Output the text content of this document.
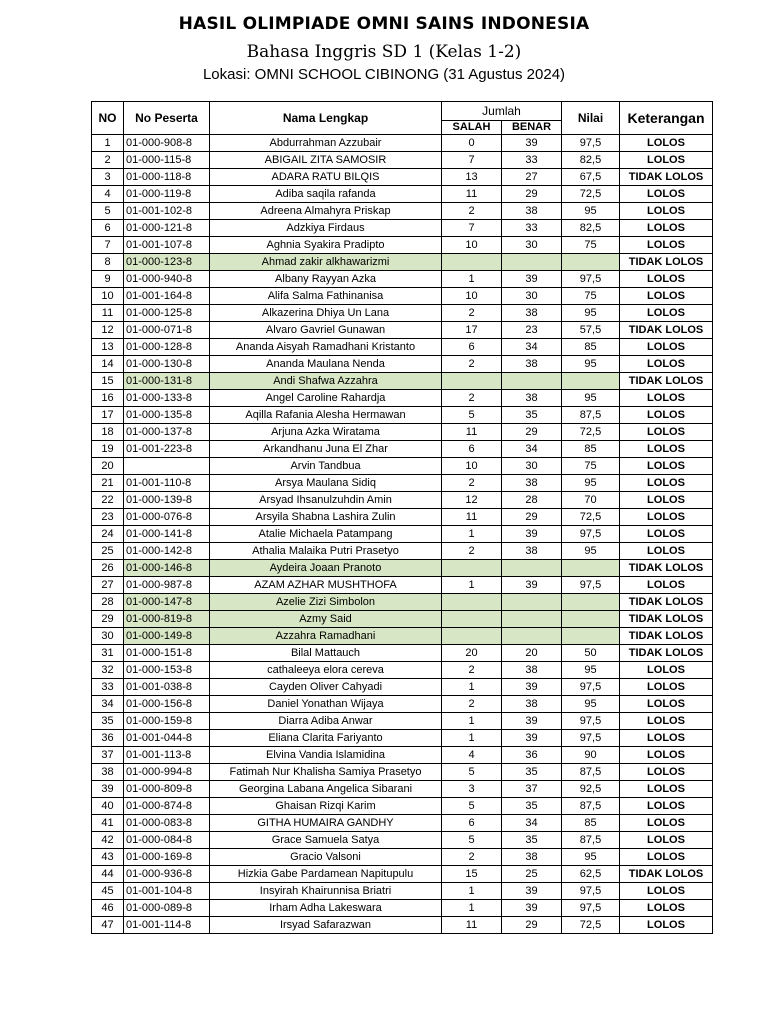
HASIL OLIMPIADE OMNI SAINS INDONESIA
Bahasa Inggris SD 1 (Kelas 1-2)
Lokasi: OMNI SCHOOL CIBINONG (31 Agustus 2024)
NO	No Peserta	Nama Lengkap	Jumlah		Nilai	Keterangan
			SALAH	BENAR		
1	01-000-908-8	Abdurrahman Azzubair	0	39	97,5	LOLOS
2	01-000-115-8	ABIGAIL ZITA SAMOSIR	7	33	82,5	LOLOS
3	01-000-118-8	ADARA RATU BILQIS	13	27	67,5	TIDAK LOLOS
4	01-000-119-8	Adiba saqila rafanda	11	29	72,5	LOLOS
5	01-001-102-8	Adreena Almahyra Priskap	2	38	95	LOLOS
6	01-000-121-8	Adzkiya Firdaus	7	33	82,5	LOLOS
7	01-001-107-8	Aghnia Syakira Pradipto	10	30	75	LOLOS
8	01-000-123-8	Ahmad zakir alkhawarizmi				TIDAK LOLOS
9	01-000-940-8	Albany Rayyan Azka	1	39	97,5	LOLOS
10	01-001-164-8	Alifa Salma Fathinanisa	10	30	75	LOLOS
11	01-000-125-8	Alkazerina Dhiya Un Lana	2	38	95	LOLOS
12	01-000-071-8	Alvaro Gavriel Gunawan	17	23	57,5	TIDAK LOLOS
13	01-000-128-8	Ananda Aisyah Ramadhani Kristanto	6	34	85	LOLOS
14	01-000-130-8	Ananda Maulana Nenda	2	38	95	LOLOS
15	01-000-131-8	Andi Shafwa Azzahra				TIDAK LOLOS
16	01-000-133-8	Angel Caroline Rahardja	2	38	95	LOLOS
17	01-000-135-8	Aqilla Rafania Alesha Hermawan	5	35	87,5	LOLOS
18	01-000-137-8	Arjuna Azka Wiratama	11	29	72,5	LOLOS
19	01-001-223-8	Arkandhanu Juna El Zhar	6	34	85	LOLOS
20		Arvin Tandbua	10	30	75	LOLOS
21	01-001-110-8	Arsya Maulana Sidiq	2	38	95	LOLOS
22	01-000-139-8	Arsyad Ihsanulzuhdin Amin	12	28	70	LOLOS
23	01-000-076-8	Arsyila Shabna Lashira Zulin	11	29	72,5	LOLOS
24	01-000-141-8	Atalie Michaela Patampang	1	39	97,5	LOLOS
25	01-000-142-8	Athalia Malaika Putri Prasetyo	2	38	95	LOLOS
26	01-000-146-8	Aydeira Joaan Pranoto				TIDAK LOLOS
27	01-000-987-8	AZAM AZHAR MUSHTHOFA	1	39	97,5	LOLOS
28	01-000-147-8	Azelie Zizi Simbolon				TIDAK LOLOS
29	01-000-819-8	Azmy Said				TIDAK LOLOS
30	01-000-149-8	Azzahra Ramadhani				TIDAK LOLOS
31	01-000-151-8	Bilal Mattauch	20	20	50	TIDAK LOLOS
32	01-000-153-8	cathaleeya elora cereva	2	38	95	LOLOS
33	01-001-038-8	Cayden Oliver Cahyadi	1	39	97,5	LOLOS
34	01-000-156-8	Daniel Yonathan Wijaya	2	38	95	LOLOS
35	01-000-159-8	Diarra Adiba Anwar	1	39	97,5	LOLOS
36	01-001-044-8	Eliana Clarita Fariyanto	1	39	97,5	LOLOS
37	01-001-113-8	Elvina Vandia Islamidina	4	36	90	LOLOS
38	01-000-994-8	Fatimah Nur Khalisha Samiya Prasetyo	5	35	87,5	LOLOS
39	01-000-809-8	Georgina Labana Angelica Sibarani	3	37	92,5	LOLOS
40	01-000-874-8	Ghaisan Rizqi Karim	5	35	87,5	LOLOS
41	01-000-083-8	GITHA HUMAIRA GANDHY	6	34	85	LOLOS
42	01-000-084-8	Grace Samuela Satya	5	35	87,5	LOLOS
43	01-000-169-8	Gracio Valsoni	2	38	95	LOLOS
44	01-000-936-8	Hizkia Gabe Pardamean Napitupulu	15	25	62,5	TIDAK LOLOS
45	01-001-104-8	Insyirah Khairunnisa Briatri	1	39	97,5	LOLOS
46	01-000-089-8	Irham Adha Lakeswara	1	39	97,5	LOLOS
47	01-001-114-8	Irsyad Safarazwan	11	29	72,5	LOLOS
